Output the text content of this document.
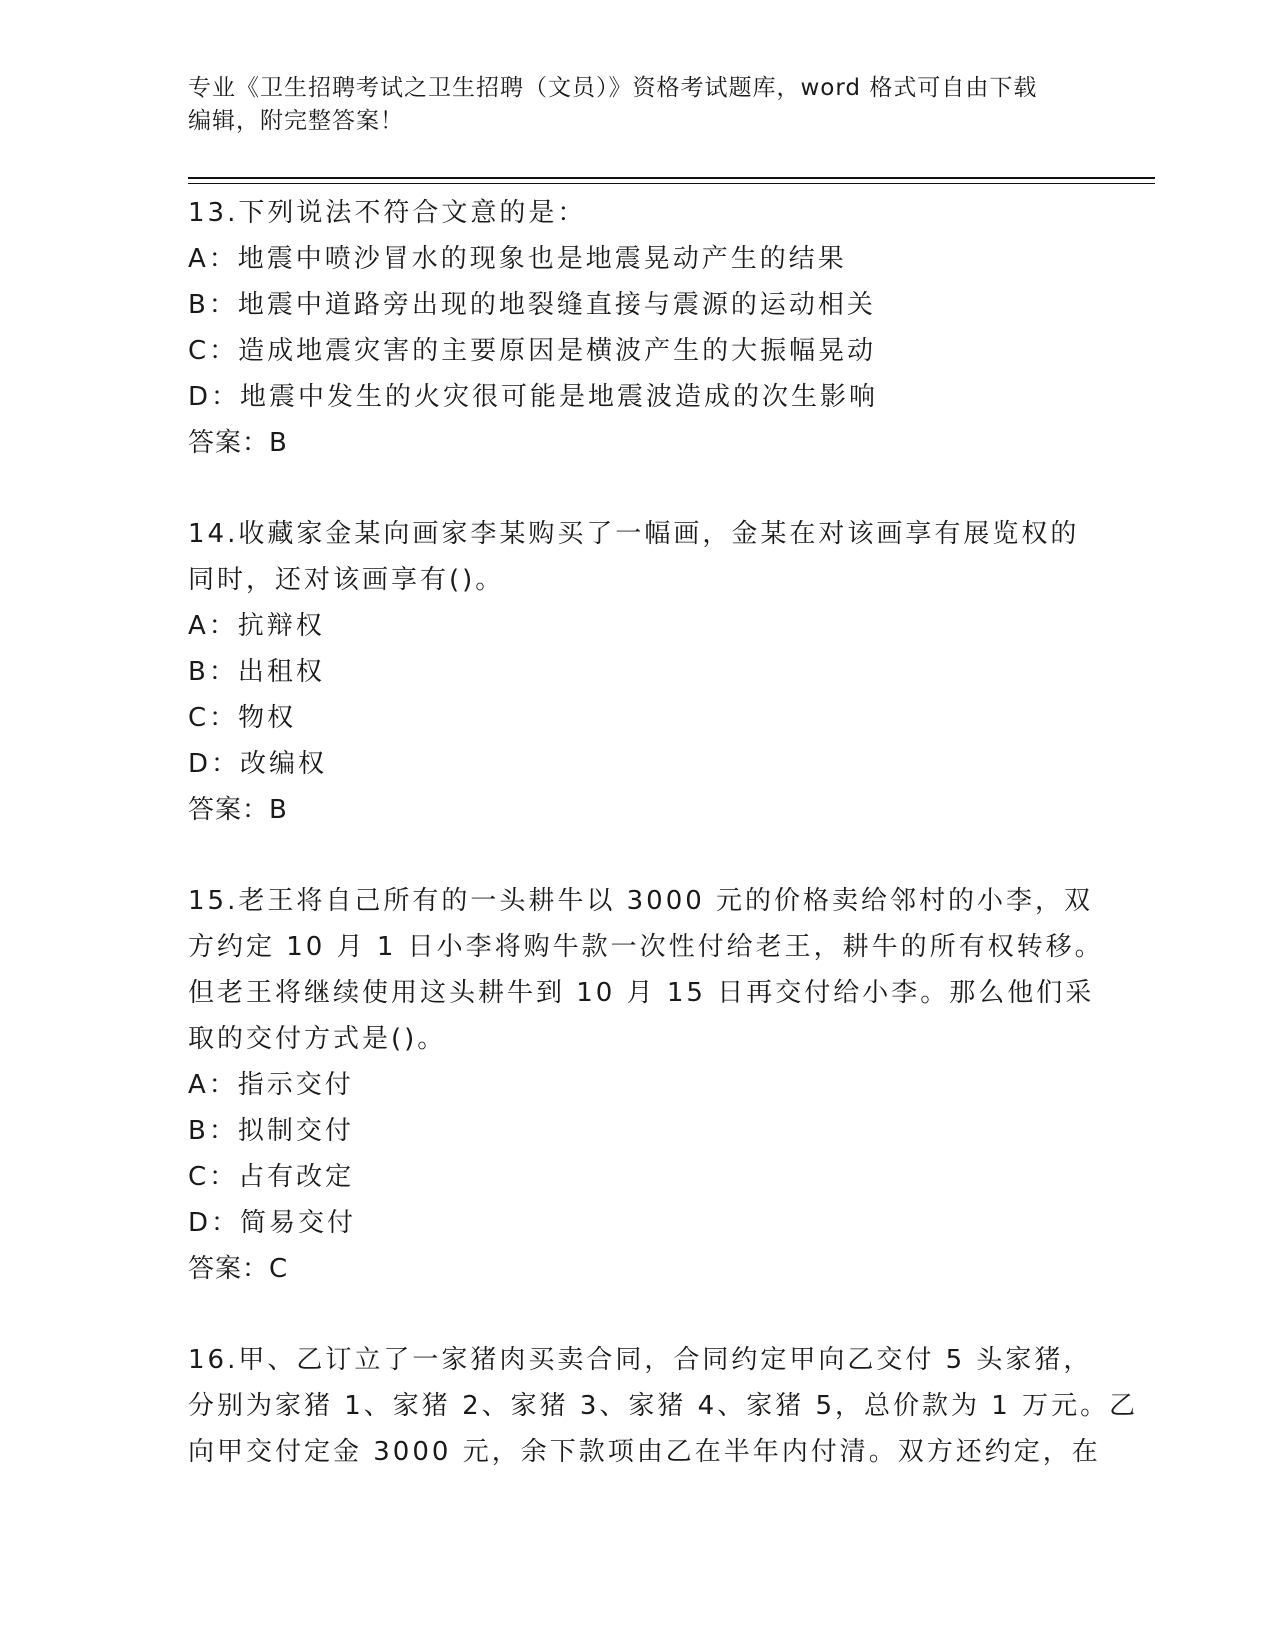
专业《卫生招聘考试之卫生招聘（文员）》资格考试题库，word 格式可自由下载
编辑，附完整答案！
13.下列说法不符合文意的是：
A：地震中喷沙冒水的现象也是地震晃动产生的结果
B：地震中道路旁出现的地裂缝直接与震源的运动相关
C：造成地震灾害的主要原因是横波产生的大振幅晃动
D：地震中发生的火灾很可能是地震波造成的次生影响
答案：B
14.收藏家金某向画家李某购买了一幅画，金某在对该画享有展览权的
同时，还对该画享有()。
A：抗辩权
B：出租权
C：物权
D：改编权
答案：B
15.老王将自己所有的一头耕牛以 3000 元的价格卖给邻村的小李，双
方约定 10 月 1 日小李将购牛款一次性付给老王，耕牛的所有权转移。
但老王将继续使用这头耕牛到 10 月 15 日再交付给小李。那么他们采
取的交付方式是()。
A：指示交付
B：拟制交付
C：占有改定
D：简易交付
答案：C
16.甲、乙订立了一家猪肉买卖合同，合同约定甲向乙交付 5 头家猪，
分别为家猪 1、家猪 2、家猪 3、家猪 4、家猪 5，总价款为 1 万元。乙
向甲交付定金 3000 元，余下款项由乙在半年内付清。双方还约定，在
